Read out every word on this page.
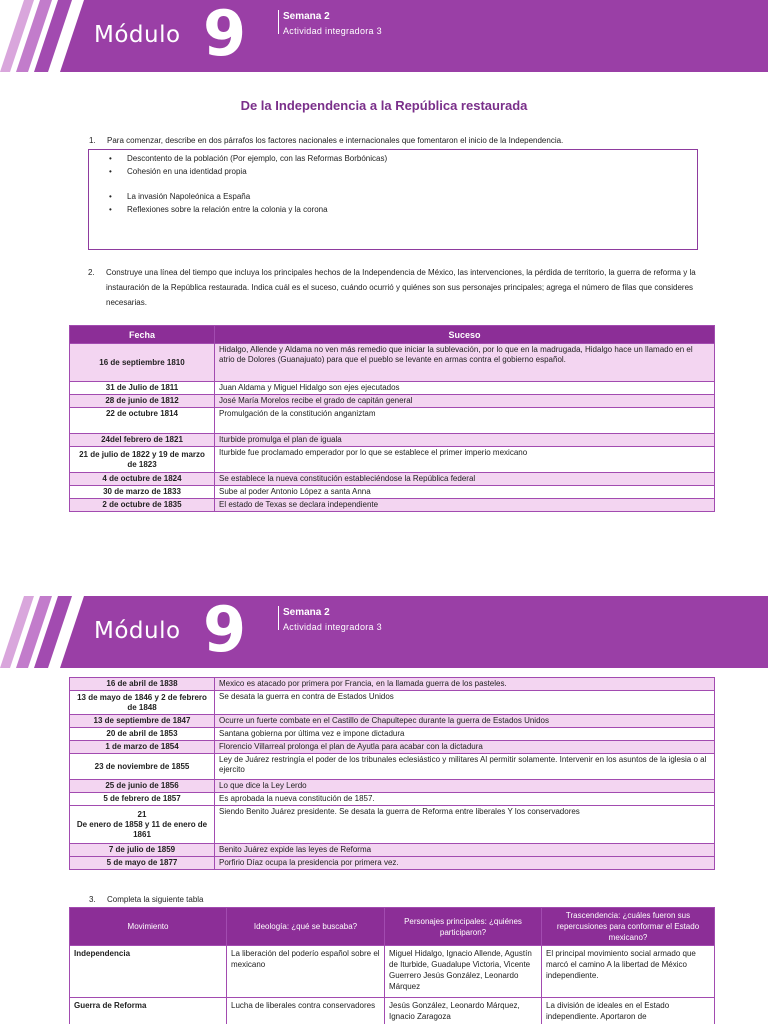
Módulo 9	Semana 2
Actividad integradora 3
De la Independencia a la República restaurada
1. Para comenzar, describe en dos párrafos los factores nacionales e internacionales que fomentaron el inicio de la Independencia.
• Descontento de la población (Por ejemplo, con las Reformas Borbónicas)
• Cohesión en una identidad propia
• La invasión Napoleónica a España
• Reflexiones sobre la relación entre la colonia y la corona
2.	Construye una línea del tiempo que incluya los principales hechos de la Independencia de México, las intervenciones, la pérdida de territorio, la guerra de reforma y la instauración de la República restaurada. Indica cuál es el suceso, cuándo ocurrió y quiénes son sus personajes principales; agrega el número de filas que consideres necesarias.
Fecha	Suceso
16 de septiembre 1810	Hidalgo, Allende y Aldama no ven más remedio que iniciar la sublevación, por lo que en la madrugada, Hidalgo hace un llamado en el atrio de Dolores (Guanajuato) para que el pueblo se levante en armas contra el gobierno español.
31 de Julio de 1811	Juan Aldama y Miguel Hidalgo son ejes ejecutados
28 de junio de 1812	José María Morelos recibe el grado de capitán general
22 de octubre 1814	Promulgación de la constitución anganiztam
24del febrero de 1821	Iturbide promulga el plan de iguala
21 de julio de 1822 y 19 de marzo de 1823	Iturbide fue proclamado emperador por lo que se establece el primer imperio mexicano
4 de octubre de 1824	Se establece la nueva constitución estableciéndose la República federal
30 de marzo de 1833	Sube al poder Antonio López a santa Anna
2 de octubre de 1835	El estado de Texas se declara independiente
Módulo 9	Semana 2
Actividad integradora 3
16 de abril de 1838	Mexico es atacado por primera por Francia, en la llamada guerra de los pasteles.
13 de mayo de 1846 y 2 de febrero de 1848	Se desata la guerra en contra de Estados Unidos
13 de septiembre de 1847	Ocurre un fuerte combate en el Castillo de Chapultepec durante la guerra de Estados Unidos
20 de abril de 1853	Santana gobierna por última vez e impone dictadura
1 de marzo de 1854	Florencio Villarreal prolonga el plan de Ayutla para acabar con la dictadura
23 de noviembre de 1855	Ley de Juárez restringía el poder de los tribunales eclesiástico y militares Al permitir solamente. Intervenir en los asuntos de la iglesia o al ejercito
25 de junio de 1856	Lo que dice la Ley Lerdo
5 de febrero de 1857	Es aprobada la nueva constitución de 1857.
21
De enero de 1858 y 11 de enero de 1861	Siendo Benito Juárez presidente. Se desata la guerra de Reforma entre liberales Y los conservadores
7 de julio de 1859	Benito Juárez expide las leyes de Reforma
5 de mayo de 1877	Porfirio Díaz ocupa la presidencia por primera vez.
3. Completa la siguiente tabla
Movimiento	Ideología: ¿qué se buscaba?	Personajes principales: ¿quiénes participaron?	Trascendencia: ¿cuáles fueron sus repercusiones para conformar el Estado mexicano?
Independencia	La liberación del poderío español sobre el mexicano	Miguel Hidalgo, Ignacio Allende, Agustín de Iturbide, Guadalupe Victoria, Vicente Guerrero Jesús González, Leonardo Márquez	El principal movimiento social armado que marcó el camino A la libertad de México independiente.
Guerra de Reforma	Lucha de liberales contra conservadores	Jesús González, Leonardo Márquez, Ignacio Zaragoza	La división de ideales en el Estado independiente. Aportaron de
